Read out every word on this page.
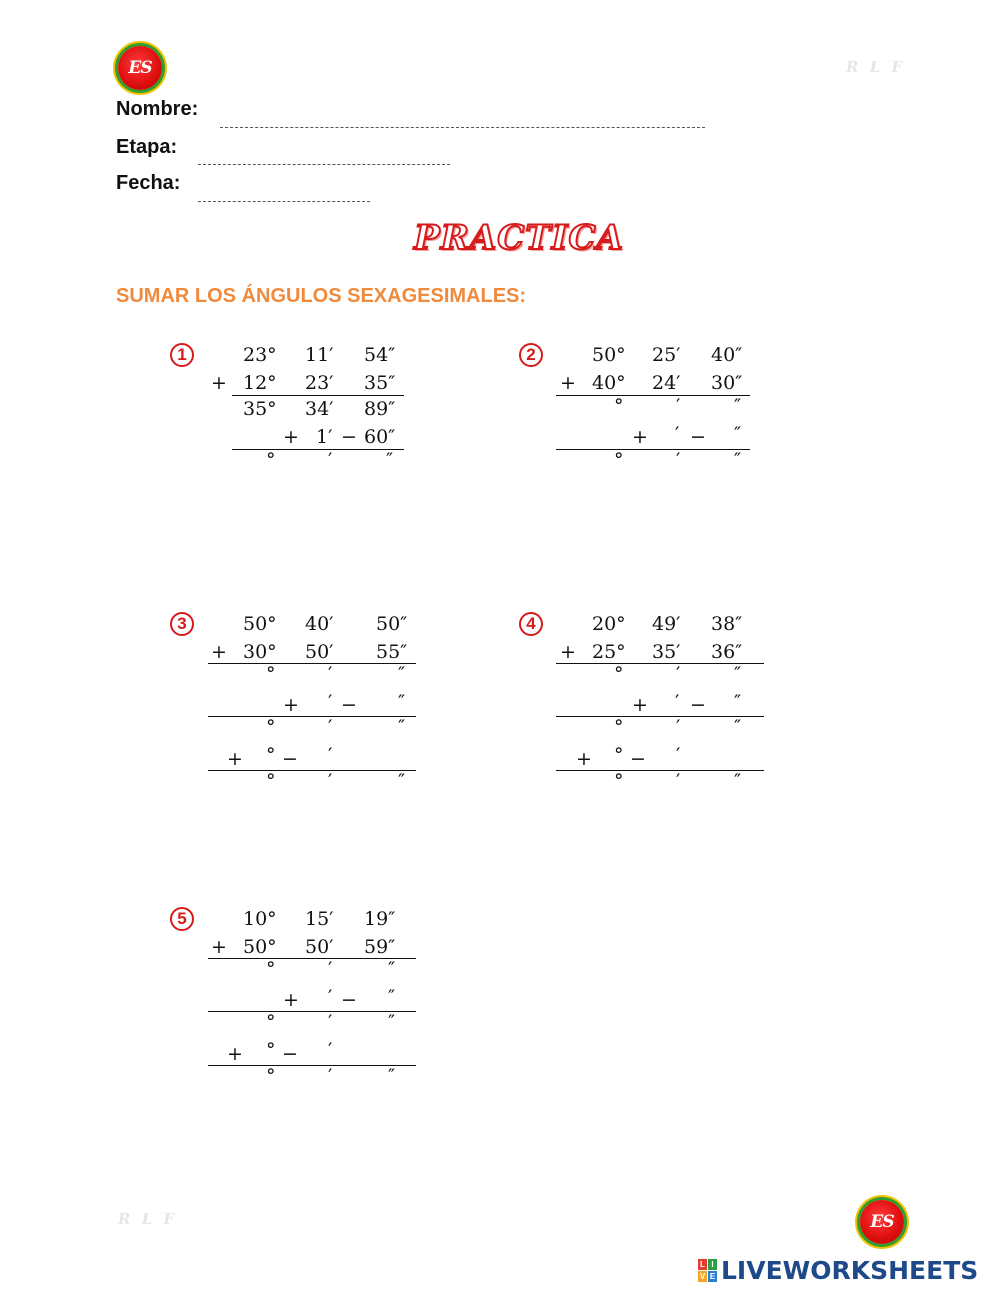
ES	R L F
Nombre:
Etapa:
Fecha:
PRACTICA
SUMAR LOS ÁNGULOS SEXAGESIMALES:
1	23° 11′ 54″
+ 12° 23′ 35″
35° 34′ 89″
+ 1′ − 60″
°	′	″
2	50° 25′ 40″
+ 40° 24′ 30″
°	′	″
+ ′ − ″
°	′	″
3	50° 40′ 50″
+ 30° 50′ 55″
°	′	″
+ ′ − ″
°	′	″
+ ° − ′
°	′	″
4	20° 49′ 38″
+ 25° 35′ 36″
°	′	″
+ ′ − ″
°	′	″
+ ° − ′
°	′	″
5	10° 15′ 19″
+ 50° 50′ 59″
°	′	″
+ ′ − ″
°	′	″
+ ° − ′
°	′	″
R L F	ES
L I
V E LIVEWORKSHEETS
